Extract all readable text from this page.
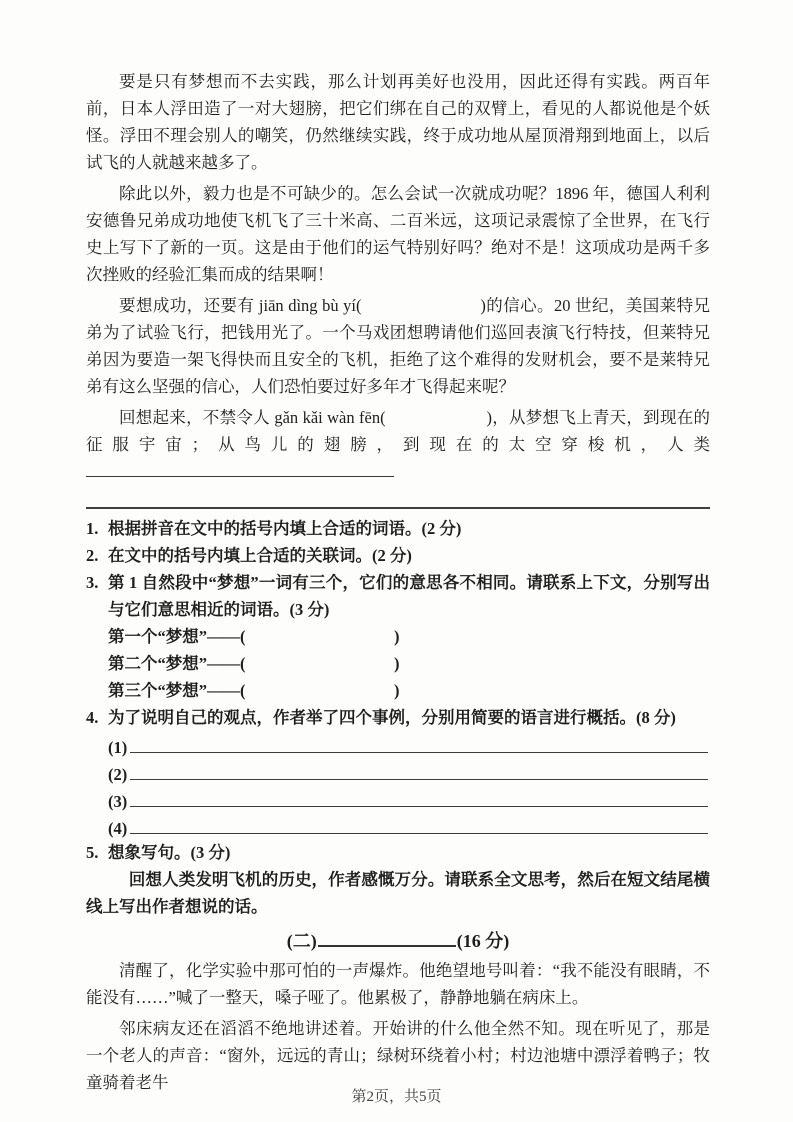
要是只有梦想而不去实践，那么计划再美好也没用，因此还得有实践。两百年前，日本人浮田造了一对大翅膀，把它们绑在自己的双臂上，看见的人都说他是个妖怪。浮田不理会别人的嘲笑，仍然继续实践，终于成功地从屋顶滑翔到地面上，以后试飞的人就越来越多了。

除此以外，毅力也是不可缺少的。怎么会试一次就成功呢？1896 年，德国人利利安德鲁兄弟成功地使飞机飞了三十米高、二百米远，这项记录震惊了全世界，在飞行史上写下了新的一页。这是由于他们的运气特别好吗？绝对不是！这项成功是两千多次挫败的经验汇集而成的结果啊！

要想成功，还要有 jiān dìng bù yí(　　　　　　　)的信心。20 世纪，美国莱特兄弟为了试验飞行，把钱用光了。一个马戏团想聘请他们巡回表演飞行特技，但莱特兄弟因为要造一架飞得快而且安全的飞机，拒绝了这个难得的发财机会，要不是莱特兄弟有这么坚强的信心，人们恐怕要过好多年才飞得起来呢？

回想起来，不禁令人 gǎn kǎi wàn fēn(　　　　　　)，从梦想飞上青天，到现在的征服宇宙；从鸟儿的翅膀，到现在的太空穿梭机，人类

1. 根据拼音在文中的括号内填上合适的词语。(2 分)
2. 在文中的括号内填上合适的关联词。(2 分)
3. 第 1 自然段中“梦想”一词有三个，它们的意思各不相同。请联系上下文，分别写出与它们意思相近的词语。(3 分)
第一个“梦想”——(　　　　　　　　　)
第二个“梦想”——(　　　　　　　　　)
第三个“梦想”——(　　　　　　　　　)
4. 为了说明自己的观点，作者举了四个事例，分别用简要的语言进行概括。(8 分)
(1)
(2)
(3)
(4)
5. 想象写句。(3 分)

回想人类发明飞机的历史，作者感慨万分。请联系全文思考，然后在短文结尾横线上写出作者想说的话。

(二)	(16 分)

清醒了，化学实验中那可怕的一声爆炸。他绝望地号叫着：“我不能没有眼睛，不能没有……”喊了一整天，嗓子哑了。他累极了，静静地躺在病床上。

邻床病友还在滔滔不绝地讲述着。开始讲的什么他全然不知。现在听见了，那是一个老人的声音：“窗外，远远的青山；绿树环绕着小村；村边池塘中漂浮着鸭子；牧童骑着老牛

第2页，共5页
